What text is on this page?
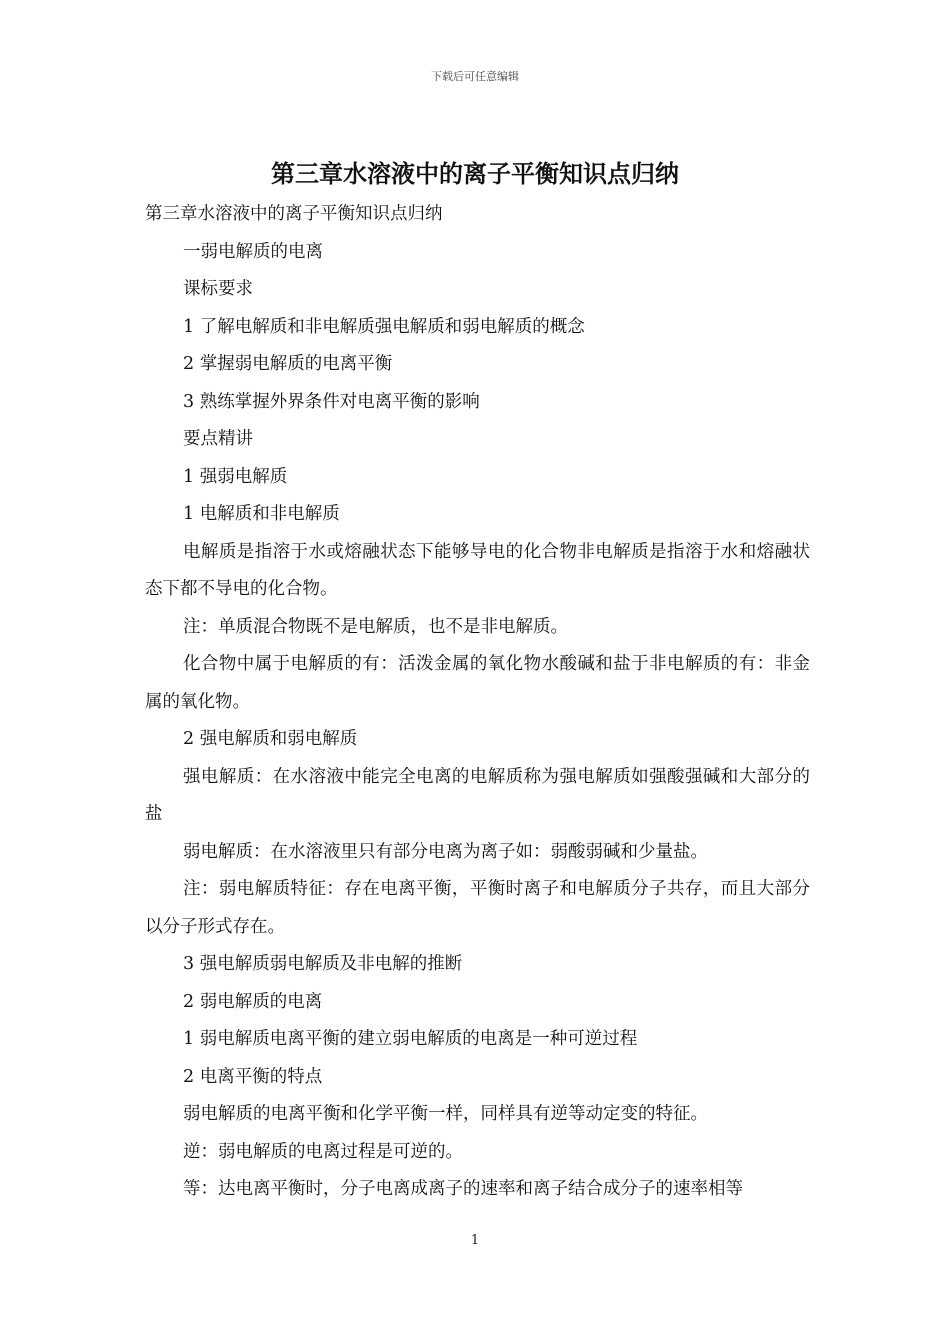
下载后可任意编辑
第三章水溶液中的离子平衡知识点归纳

第三章水溶液中的离子平衡知识点归纳

一弱电解质的电离

课标要求

1 了解电解质和非电解质强电解质和弱电解质的概念

2 掌握弱电解质的电离平衡

3 熟练掌握外界条件对电离平衡的影响

要点精讲

1 强弱电解质

1 电解质和非电解质

电解质是指溶于水或熔融状态下能够导电的化合物非电解质是指溶于水和熔融状态下都不导电的化合物。

注：单质混合物既不是电解质，也不是非电解质。

化合物中属于电解质的有：活泼金属的氧化物水酸碱和盐于非电解质的有：非金属的氧化物。

2 强电解质和弱电解质

强电解质：在水溶液中能完全电离的电解质称为强电解质如强酸强碱和大部分的盐

弱电解质：在水溶液里只有部分电离为离子如：弱酸弱碱和少量盐。

注：弱电解质特征：存在电离平衡，平衡时离子和电解质分子共存，而且大部分以分子形式存在。

3 强电解质弱电解质及非电解的推断

2 弱电解质的电离

1 弱电解质电离平衡的建立弱电解质的电离是一种可逆过程

2 电离平衡的特点

弱电解质的电离平衡和化学平衡一样，同样具有逆等动定变的特征。

逆：弱电解质的电离过程是可逆的。

等：达电离平衡时，分子电离成离子的速率和离子结合成分子的速率相等

1
